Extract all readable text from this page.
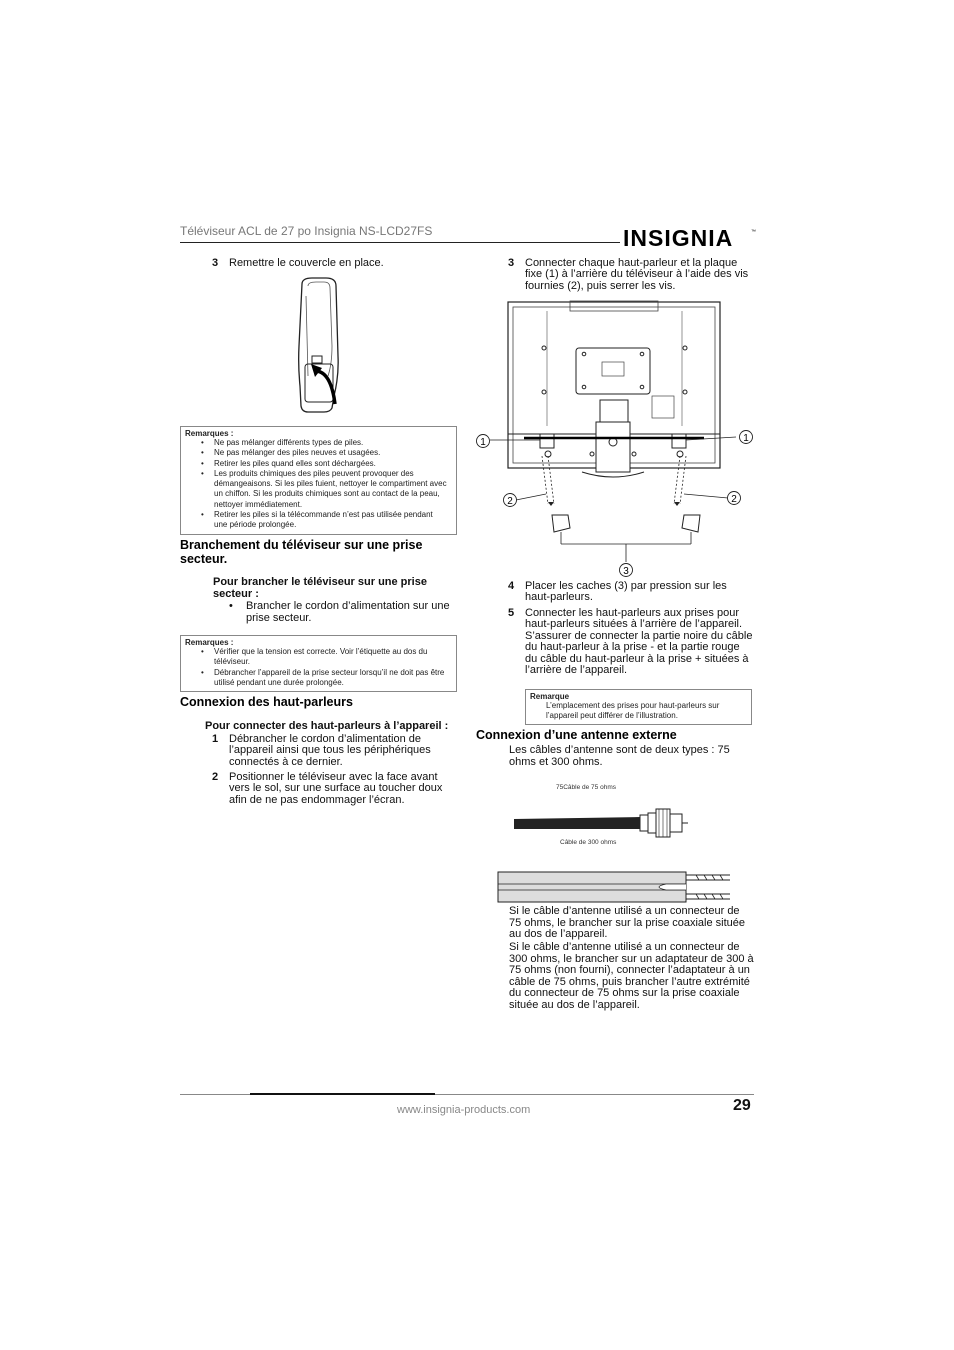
Téléviseur ACL de 27 po Insignia NS-LCD27FS	INSIGNIA	™
3 Remettre le couvercle en place.
Remarques :
• Ne pas mélanger différents types de piles.
• Ne pas mélanger des piles neuves et usagées.
• Retirer les piles quand elles sont déchargées.
• Les produits chimiques des piles peuvent provoquer des démangeaisons. Si les piles fuient, nettoyer le compartiment avec un chiffon. Si les produits chimiques sont au contact de la peau, nettoyer immédiatement.
• Retirer les piles si la télécommande n’est pas utilisée pendant une période prolongée.
Branchement du téléviseur sur une prise secteur.
Pour brancher le téléviseur sur une prise secteur :
• Brancher le cordon d’alimentation sur une prise secteur.
Remarques :
• Vérifier que la tension est correcte. Voir l’étiquette au dos du téléviseur.
• Débrancher l’appareil de la prise secteur lorsqu’il ne doit pas être utilisé pendant une durée prolongée.
Connexion des haut-parleurs
Pour connecter des haut-parleurs à l’appareil :
1 Débrancher le cordon d’alimentation de l’appareil ainsi que tous les périphériques connectés à ce dernier.
2 Positionner le téléviseur avec la face avant vers le sol, sur une surface au toucher doux afin de ne pas endommager l’écran.
3 Connecter chaque haut-parleur et la plaque fixe (1) à l’arrière du téléviseur à l’aide des vis fournies (2), puis serrer les vis.
1	1
2	2
3
4 Placer les caches (3) par pression sur les haut-parleurs.
5 Connecter les haut-parleurs aux prises pour haut-parleurs situées à l’arrière de l’appareil. S’assurer de connecter la partie noire du câble du haut-parleur à la prise - et la partie rouge du câble du haut-parleur à la prise + situées à l’arrière de l’appareil.
Remarque
L’emplacement des prises pour haut-parleurs sur l’appareil peut différer de l’illustration.
Connexion d’une antenne externe
Les câbles d’antenne sont de deux types : 75 ohms et 300 ohms.
75Câble de 75 ohms
Câble de 300 ohms
Si le câble d’antenne utilisé a un connecteur de 75 ohms, le brancher sur la prise coaxiale située au dos de l’appareil.
Si le câble d’antenne utilisé a un connecteur de 300 ohms, le brancher sur un adaptateur de 300 à 75 ohms (non fourni), connecter l’adaptateur à un câble de 75 ohms, puis brancher l’autre extrémité du connecteur de 75 ohms sur la prise coaxiale située au dos de l’appareil.
www.insignia-products.com	29
